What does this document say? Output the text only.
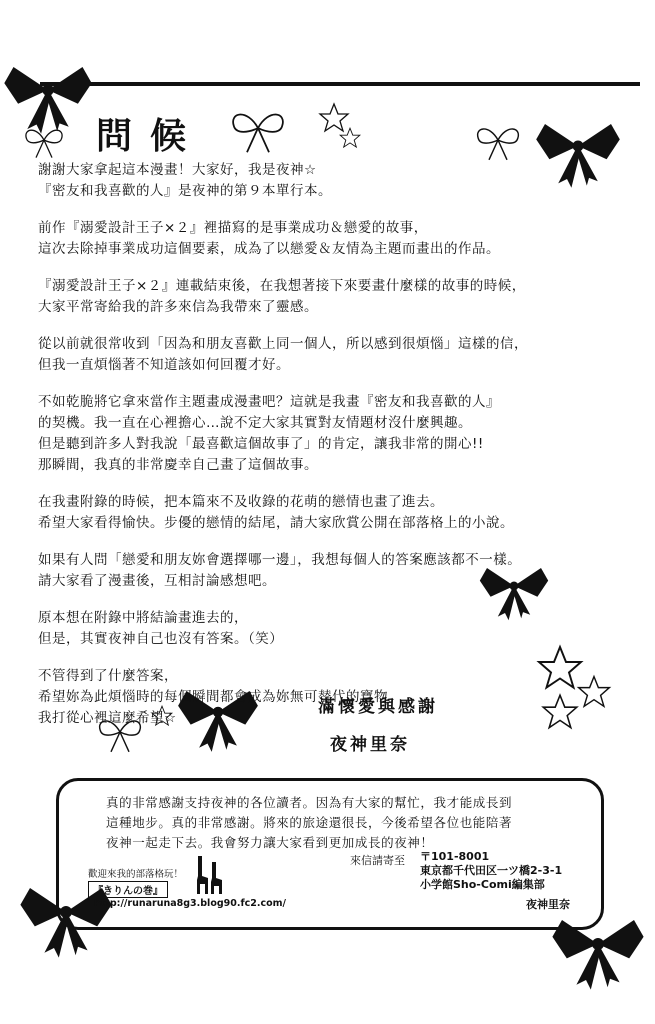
問候

謝謝大家拿起這本漫畫！大家好，我是夜神☆

『密友和我喜歡的人』是夜神的第９本單行本。

前作『溺愛設計王子×２』裡描寫的是事業成功＆戀愛的故事，

這次去除掉事業成功這個要素，成為了以戀愛＆友情為主題而畫出的作品。

『溺愛設計王子×２』連載結束後，在我想著接下來要畫什麼樣的故事的時候，

大家平常寄給我的許多來信為我帶來了靈感。

從以前就很常收到「因為和朋友喜歡上同一個人，所以感到很煩惱」這樣的信，

但我一直煩惱著不知道該如何回覆才好。

不如乾脆將它拿來當作主題畫成漫畫吧？這就是我畫『密友和我喜歡的人』

的契機。我一直在心裡擔心…說不定大家其實對友情題材沒什麼興趣。

但是聽到許多人對我說「最喜歡這個故事了」的肯定，讓我非常的開心!!

那瞬間，我真的非常慶幸自己畫了這個故事。

在我畫附錄的時候，把本篇來不及收錄的花萌的戀情也畫了進去。

希望大家看得愉快。步優的戀情的結尾，請大家欣賞公開在部落格上的小說。

如果有人問「戀愛和朋友妳會選擇哪一邊」，我想每個人的答案應該都不一樣。

請大家看了漫畫後，互相討論感想吧。

原本想在附錄中將結論畫進去的，

但是，其實夜神自己也沒有答案。（笑）

不管得到了什麼答案，

希望妳為此煩惱時的每個瞬間都會成為妳無可替代的寶物。

我打從心裡這麼希望☆

滿懷愛與感謝
夜神里奈

真的非常感謝支持夜神的各位讀者。因為有大家的幫忙，我才能成長到

這種地步。真的非常感謝。將來的旅途還很長，今後希望各位也能陪著

夜神一起走下去。我會努力讓大家看到更加成長的夜神！

來信請寄至 〒101-8001

東京都千代田区一ツ橋2-3-1

小学館Sho-Comi編集部

夜神里奈
歡迎來我的部落格玩！
『きりんの巻』
http://runaruna8g3.blog90.fc2.com/
